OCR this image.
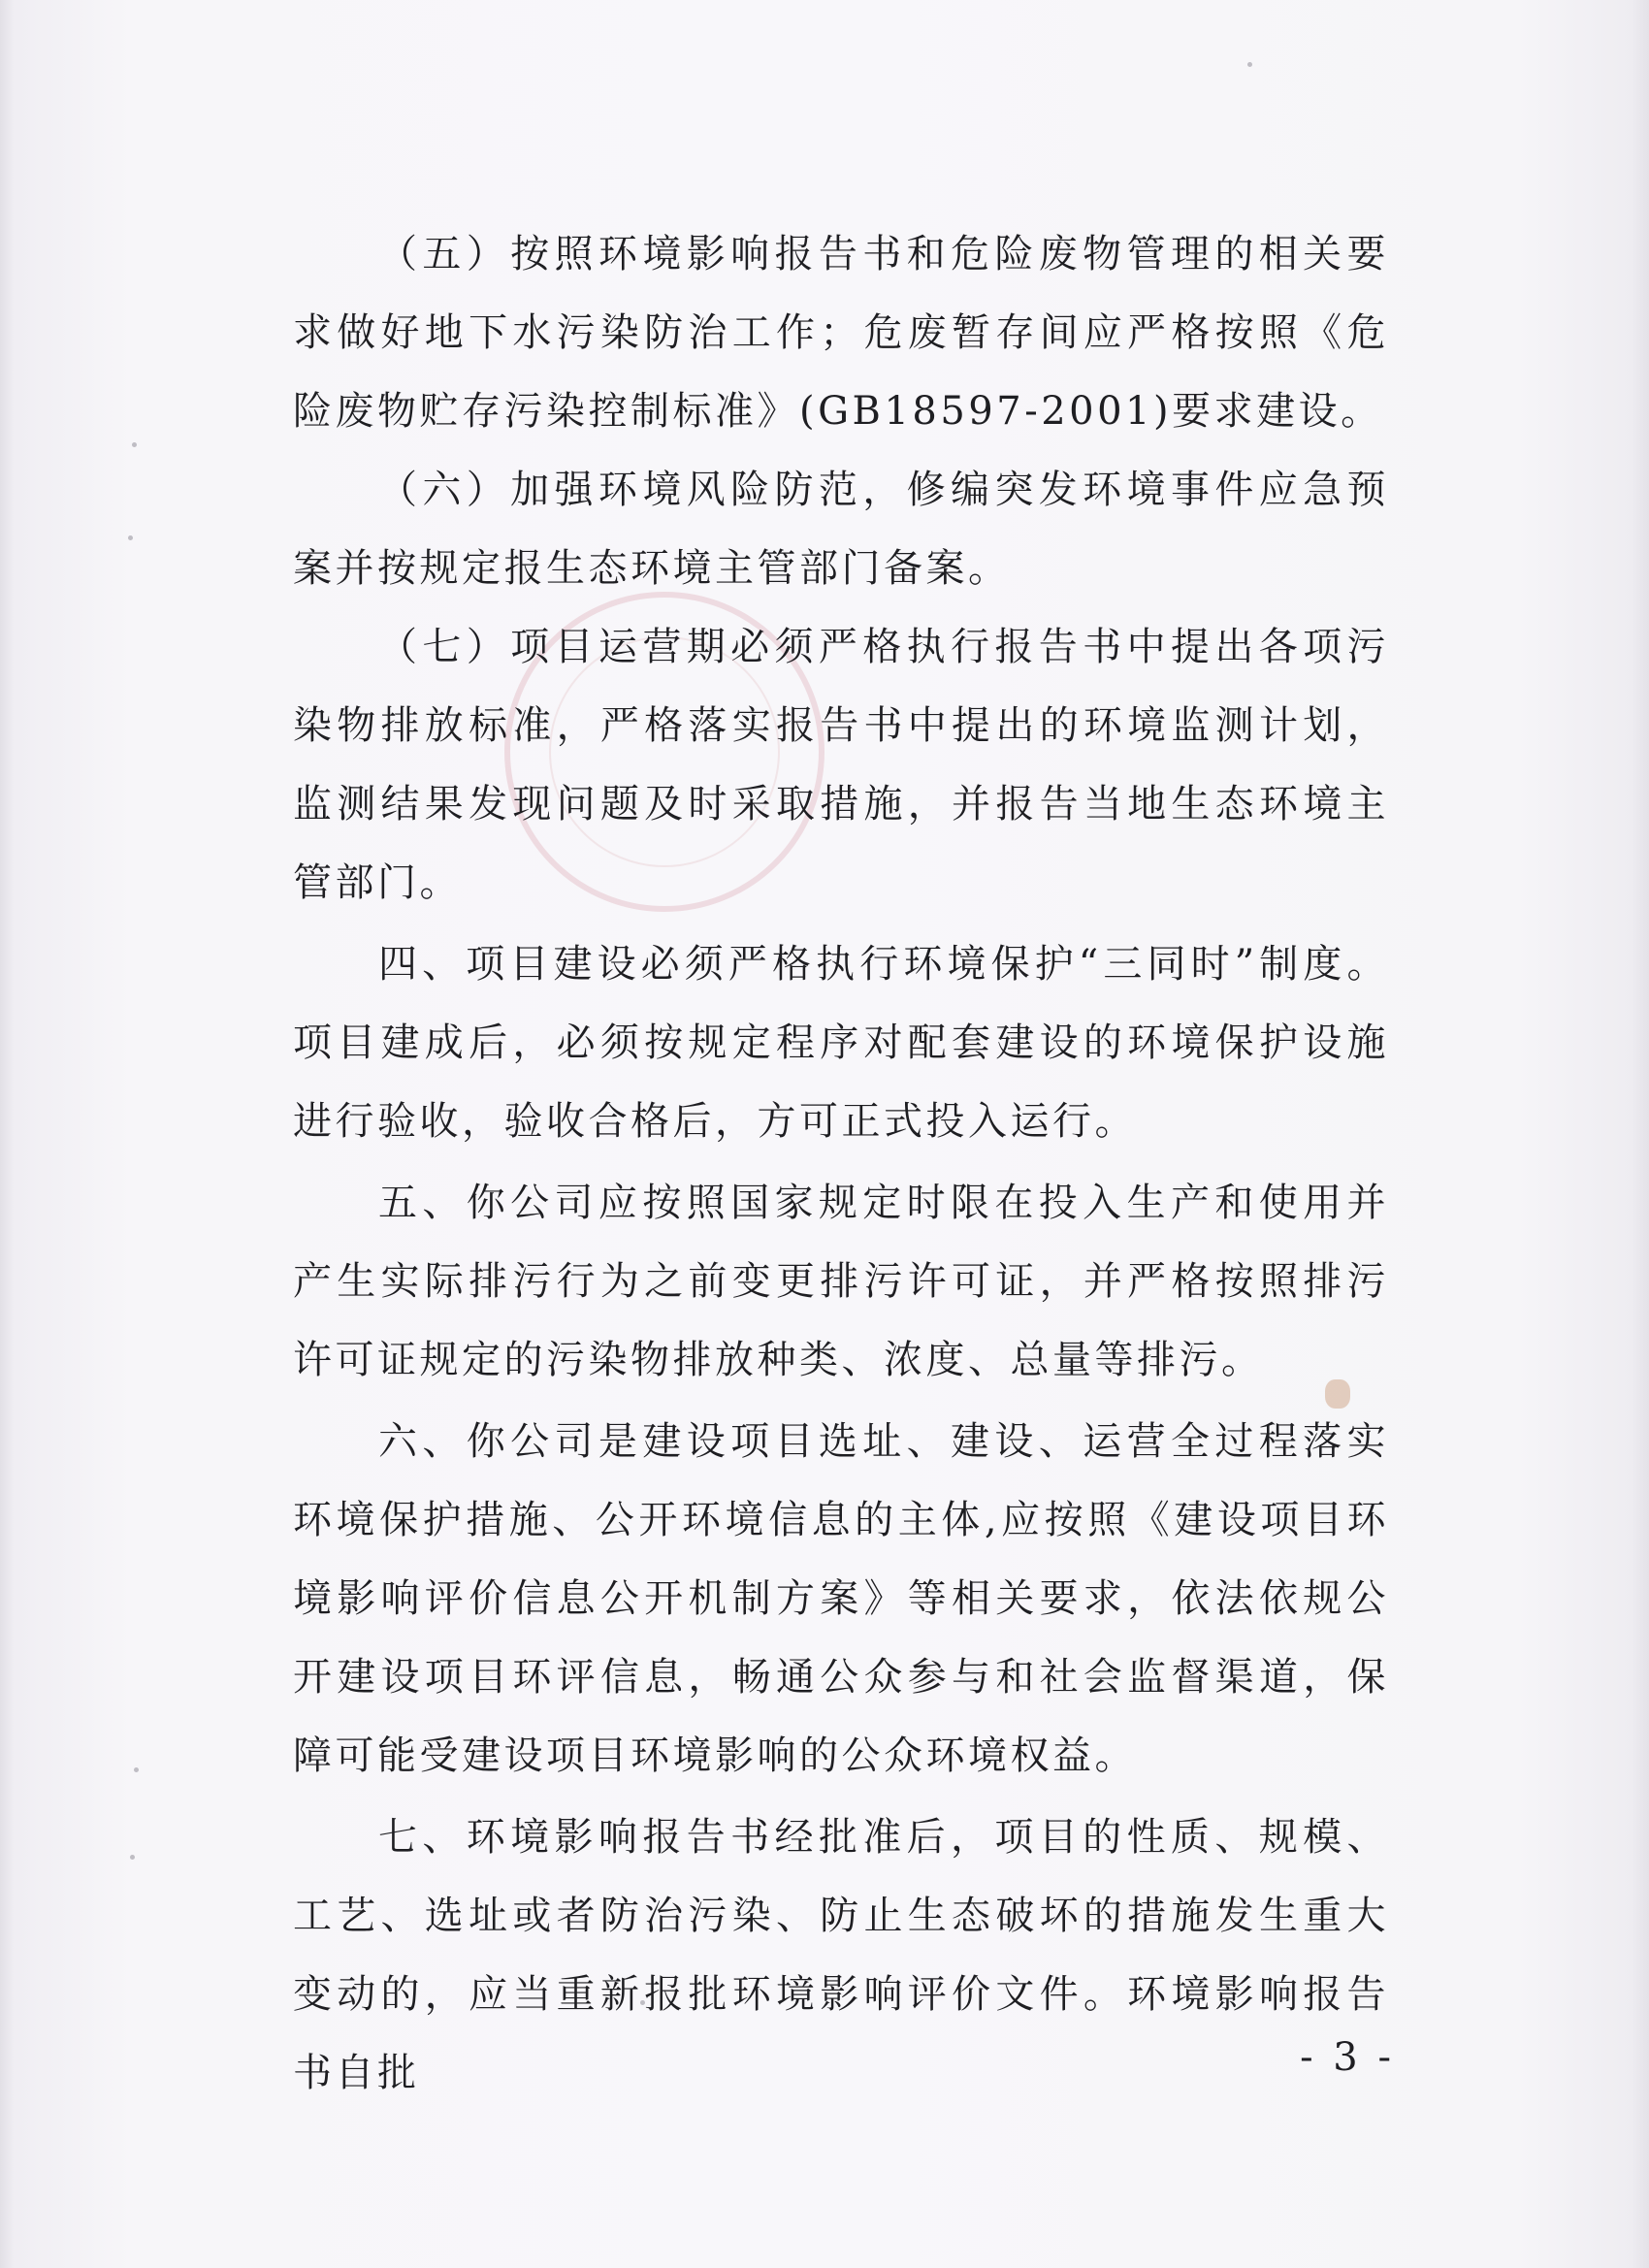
（五）按照环境影响报告书和危险废物管理的相关要求做好地下水污染防治工作；危废暂存间应严格按照《危险废物贮存污染控制标准》(GB18597-2001)要求建设。

（六）加强环境风险防范，修编突发环境事件应急预案并按规定报生态环境主管部门备案。

（七）项目运营期必须严格执行报告书中提出各项污染物排放标准，严格落实报告书中提出的环境监测计划，监测结果发现问题及时采取措施，并报告当地生态环境主管部门。

四、项目建设必须严格执行环境保护“三同时”制度。项目建成后，必须按规定程序对配套建设的环境保护设施进行验收，验收合格后，方可正式投入运行。

五、你公司应按照国家规定时限在投入生产和使用并产生实际排污行为之前变更排污许可证，并严格按照排污许可证规定的污染物排放种类、浓度、总量等排污。

六、你公司是建设项目选址、建设、运营全过程落实环境保护措施、公开环境信息的主体,应按照《建设项目环境影响评价信息公开机制方案》等相关要求，依法依规公开建设项目环评信息，畅通公众参与和社会监督渠道，保障可能受建设项目环境影响的公众环境权益。

七、环境影响报告书经批准后，项目的性质、规模、工艺、选址或者防治污染、防止生态破坏的措施发生重大变动的，应当重新报批环境影响评价文件。环境影响报告书自批	- 3 -
